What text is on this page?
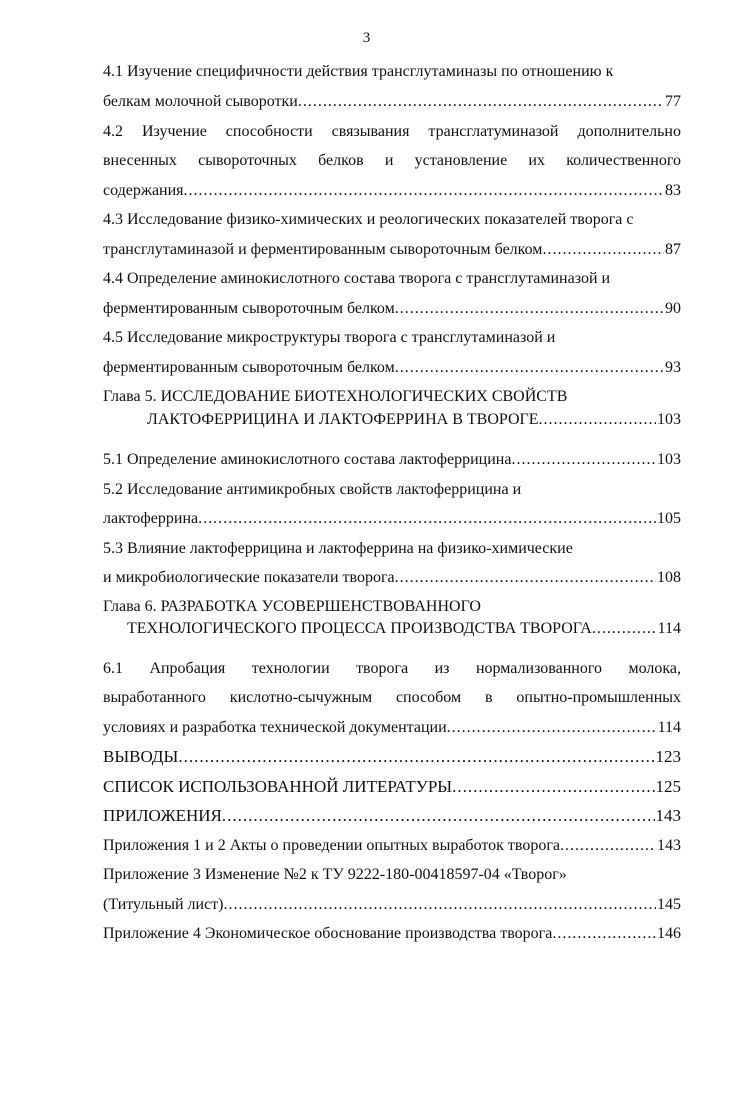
3
4.1 Изучение специфичности действия трансглутаминазы по отношению к
белкам молочной сыворотки .....	77
4.2 Изучение способности связывания трансглатуминазой дополнительно
внесенных сывороточных белков и установление их количественного
содержания .....	83
4.3 Исследование физико-химических и реологических показателей творога с
трансглутаминазой и ферментированным сывороточным белком .....	87
4.4 Определение аминокислотного состава творога с трансглутаминазой и
ферментированным сывороточным белком .....	90
4.5 Исследование микроструктуры творога с трансглутаминазой и
ферментированным сывороточным белком .....	93
Глава 5. ИССЛЕДОВАНИЕ БИОТЕХНОЛОГИЧЕСКИХ СВОЙСТВ
ЛАКТОФЕРРИЦИНА И ЛАКТОФЕРРИНА В ТВОРОГЕ .....	103
5.1 Определение аминокислотного состава лактоферрицина .....	103
5.2 Исследование антимикробных свойств лактоферрицина и
лактоферрина .....	105
5.3 Влияние лактоферрицина и лактоферрина на физико-химические
и микробиологические показатели творога .....	108
Глава 6. РАЗРАБОТКА УСОВЕРШЕНСТВОВАННОГО
ТЕХНОЛОГИЧЕСКОГО ПРОЦЕССА ПРОИЗВОДСТВА ТВОРОГА .....	114
6.1 Апробация технологии творога из нормализованного молока,
выработанного кислотно-сычужным способом в опытно-промышленных
условиях и разработка технической документации .....	114
ВЫВОДЫ .....	123
СПИСОК ИСПОЛЬЗОВАННОЙ ЛИТЕРАТУРЫ .....	125
ПРИЛОЖЕНИЯ .....	143
Приложения 1 и 2 Акты о проведении опытных выработок творога .....	143
Приложение 3 Изменение №2 к ТУ 9222-180-00418597-04 «Творог»
(Титульный лист) .....	145
Приложение 4 Экономическое обоснование производства творога .....	146
